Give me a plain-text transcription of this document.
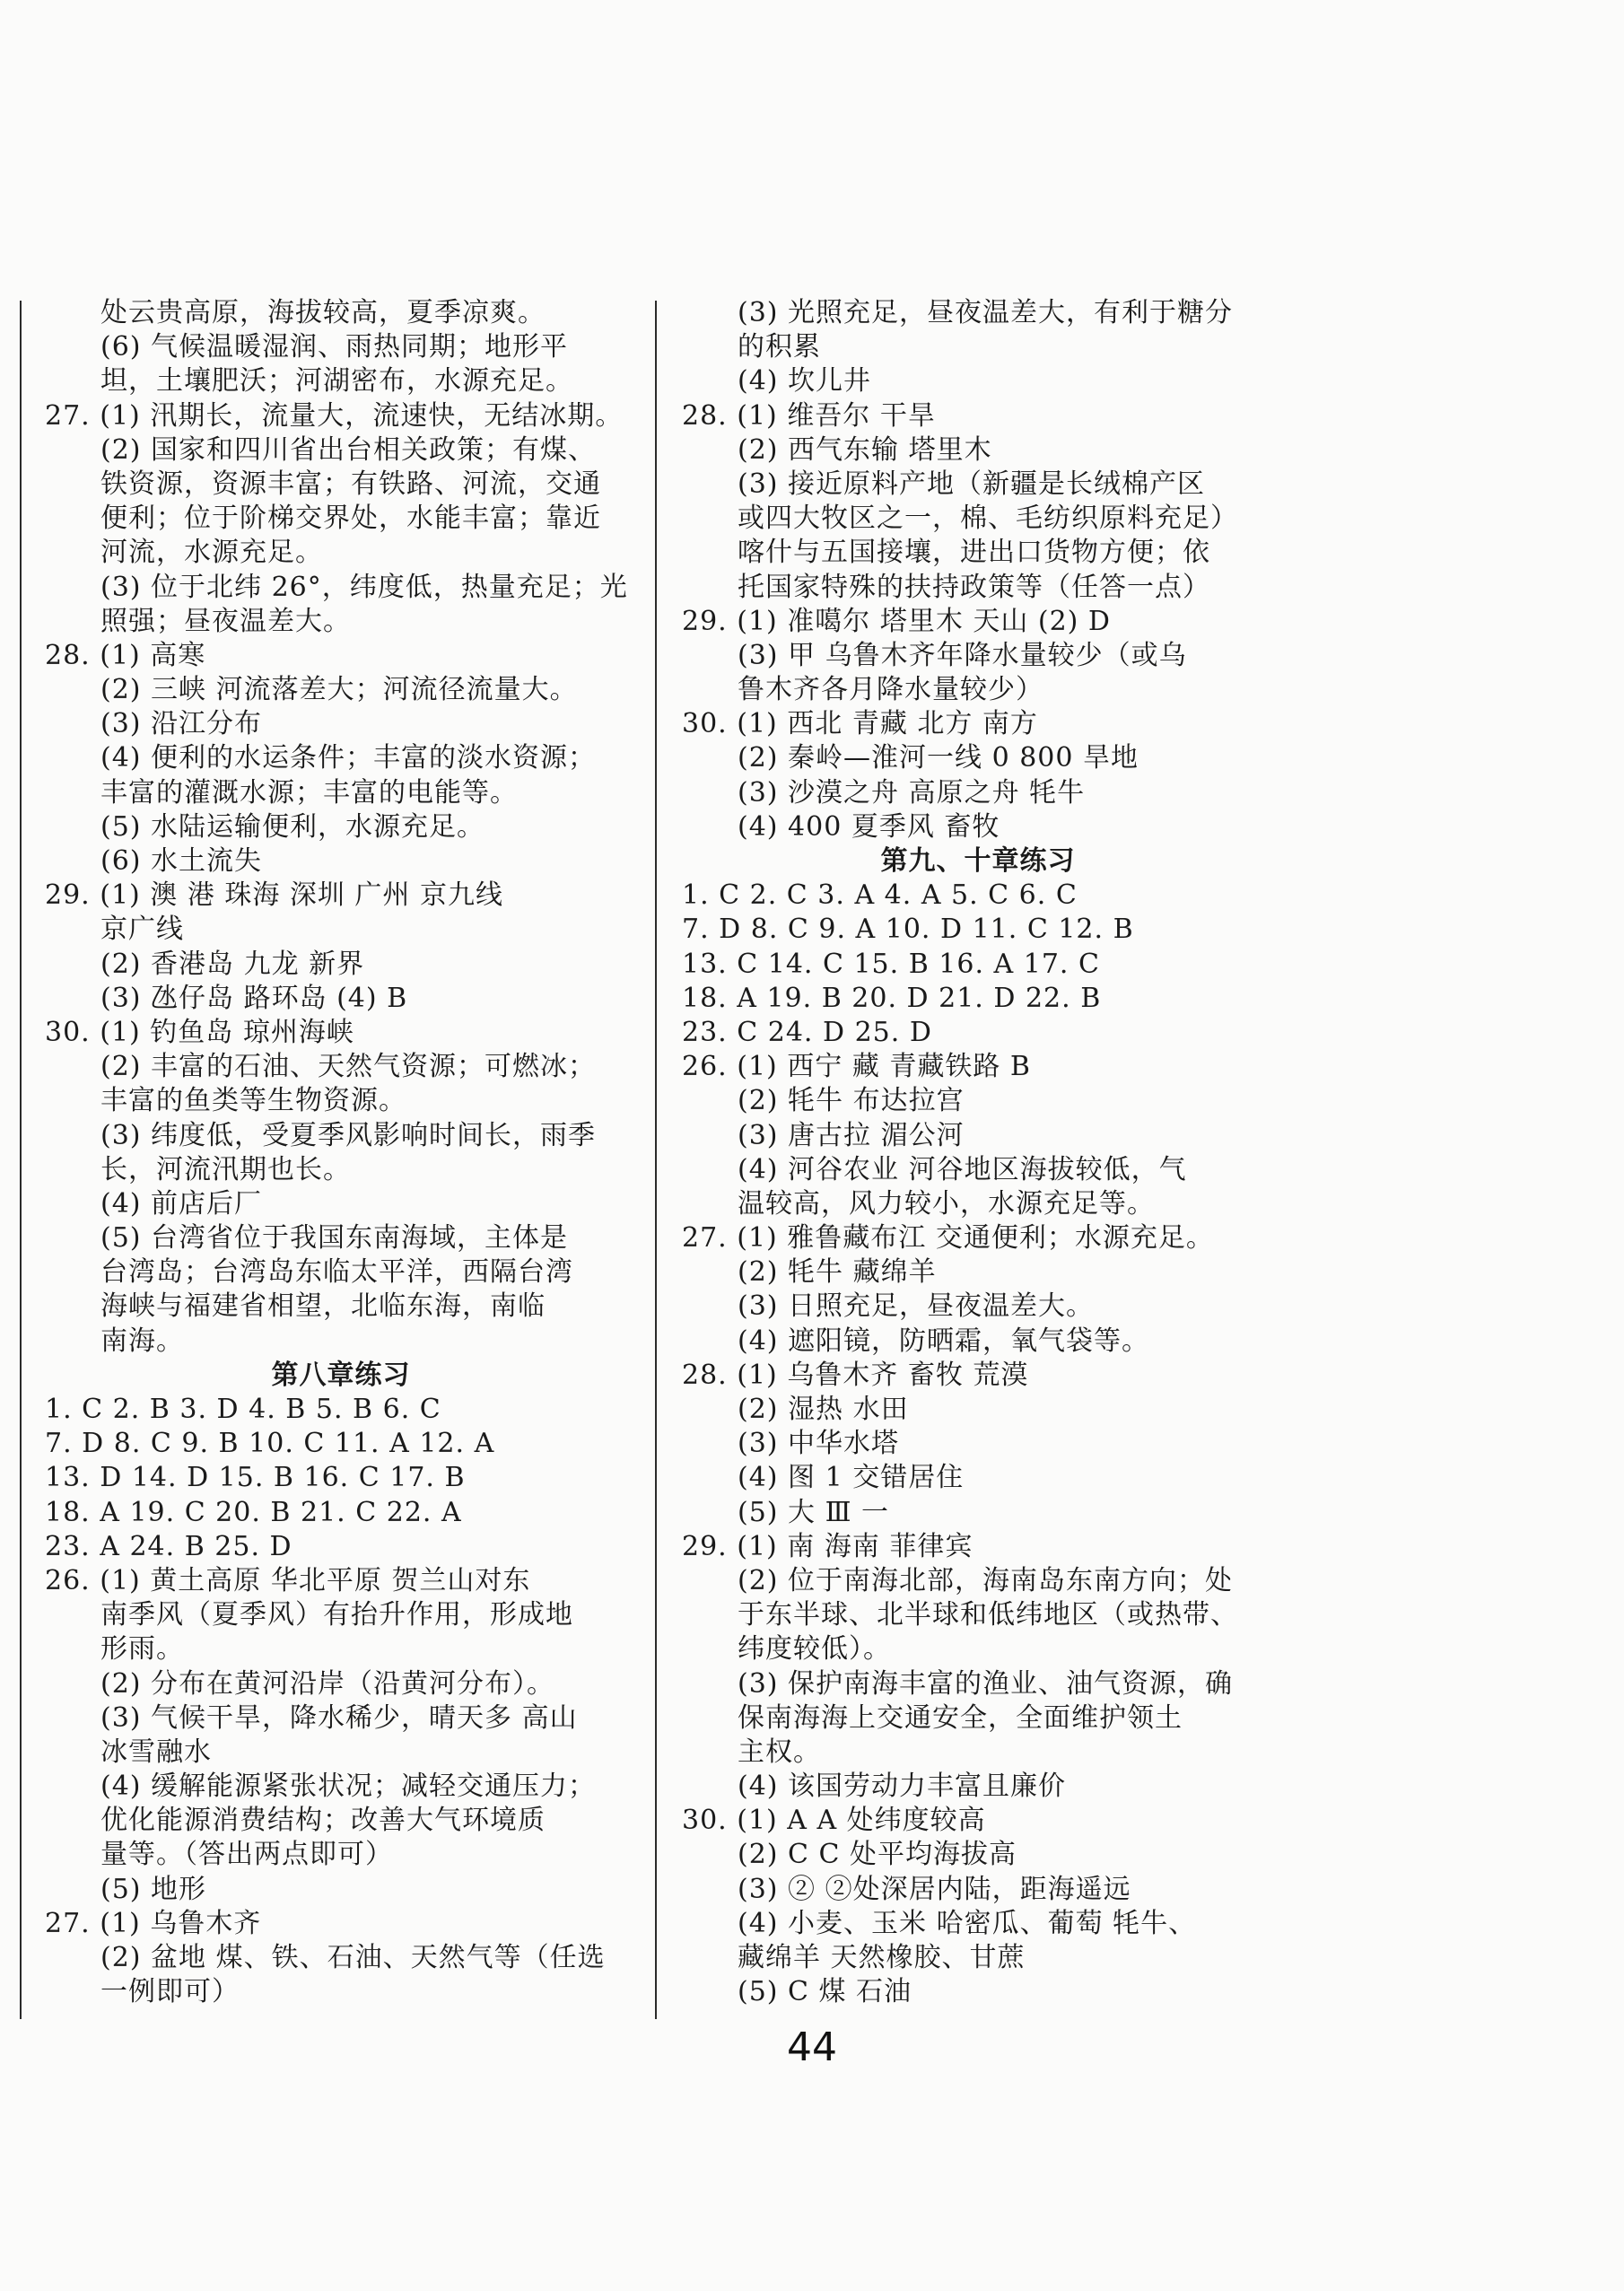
　　处云贵高原，海拔较高，夏季凉爽。
　　(6) 气候温暖湿润、雨热同期；地形平
　　坦，土壤肥沃；河湖密布，水源充足。
27. (1) 汛期长，流量大，流速快，无结冰期。
　　(2) 国家和四川省出台相关政策；有煤、
　　铁资源，资源丰富；有铁路、河流，交通
　　便利；位于阶梯交界处，水能丰富；靠近
　　河流，水源充足。
　　(3) 位于北纬 26°，纬度低，热量充足；光
　　照强；昼夜温差大。
28. (1) 高寒
　　(2) 三峡 河流落差大；河流径流量大。
　　(3) 沿江分布
　　(4) 便利的水运条件；丰富的淡水资源；
　　丰富的灌溉水源；丰富的电能等。
　　(5) 水陆运输便利，水源充足。
　　(6) 水土流失
29. (1) 澳 港 珠海 深圳 广州 京九线
　　京广线
　　(2) 香港岛 九龙 新界
　　(3) 氹仔岛 路环岛 (4) B
30. (1) 钓鱼岛 琼州海峡
　　(2) 丰富的石油、天然气资源；可燃冰；
　　丰富的鱼类等生物资源。
　　(3) 纬度低，受夏季风影响时间长，雨季
　　长，河流汛期也长。
　　(4) 前店后厂
　　(5) 台湾省位于我国东南海域，主体是
　　台湾岛；台湾岛东临太平洋，西隔台湾
　　海峡与福建省相望，北临东海，南临
　　南海。
第八章练习
1. C 2. B 3. D 4. B 5. B 6. C
7. D 8. C 9. B 10. C 11. A 12. A
13. D 14. D 15. B 16. C 17. B
18. A 19. C 20. B 21. C 22. A
23. A 24. B 25. D
26. (1) 黄土高原 华北平原 贺兰山对东
　　南季风（夏季风）有抬升作用，形成地
　　形雨。
　　(2) 分布在黄河沿岸（沿黄河分布）。
　　(3) 气候干旱，降水稀少，晴天多 高山
　　冰雪融水
　　(4) 缓解能源紧张状况；减轻交通压力；
　　优化能源消费结构；改善大气环境质
　　量等。（答出两点即可）
　　(5) 地形
27. (1) 乌鲁木齐
　　(2) 盆地 煤、铁、石油、天然气等（任选
　　一例即可）
　　(3) 光照充足，昼夜温差大，有利于糖分
　　的积累
　　(4) 坎儿井
28. (1) 维吾尔 干旱
　　(2) 西气东输 塔里木
　　(3) 接近原料产地（新疆是长绒棉产区
　　或四大牧区之一，棉、毛纺织原料充足）
　　喀什与五国接壤，进出口货物方便；依
　　托国家特殊的扶持政策等（任答一点）
29. (1) 准噶尔 塔里木 天山 (2) D
　　(3) 甲 乌鲁木齐年降水量较少（或乌
　　鲁木齐各月降水量较少）
30. (1) 西北 青藏 北方 南方
　　(2) 秦岭—淮河一线 0 800 旱地
　　(3) 沙漠之舟 高原之舟 牦牛
　　(4) 400 夏季风 畜牧
第九、十章练习
1. C 2. C 3. A 4. A 5. C 6. C
7. D 8. C 9. A 10. D 11. C 12. B
13. C 14. C 15. B 16. A 17. C
18. A 19. B 20. D 21. D 22. B
23. C 24. D 25. D
26. (1) 西宁 藏 青藏铁路 B
　　(2) 牦牛 布达拉宫
　　(3) 唐古拉 湄公河
　　(4) 河谷农业 河谷地区海拔较低，气
　　温较高，风力较小，水源充足等。
27. (1) 雅鲁藏布江 交通便利；水源充足。
　　(2) 牦牛 藏绵羊
　　(3) 日照充足，昼夜温差大。
　　(4) 遮阳镜，防晒霜，氧气袋等。
28. (1) 乌鲁木齐 畜牧 荒漠
　　(2) 湿热 水田
　　(3) 中华水塔
　　(4) 图 1 交错居住
　　(5) 大 Ⅲ 一
29. (1) 南 海南 菲律宾
　　(2) 位于南海北部，海南岛东南方向；处
　　于东半球、北半球和低纬地区（或热带、
　　纬度较低）。
　　(3) 保护南海丰富的渔业、油气资源，确
　　保南海海上交通安全，全面维护领土
　　主权。
　　(4) 该国劳动力丰富且廉价
30. (1) A A 处纬度较高
　　(2) C C 处平均海拔高
　　(3) ② ②处深居内陆，距海遥远
　　(4) 小麦、玉米 哈密瓜、葡萄 牦牛、
　　藏绵羊 天然橡胶、甘蔗
　　(5) C 煤 石油
44
